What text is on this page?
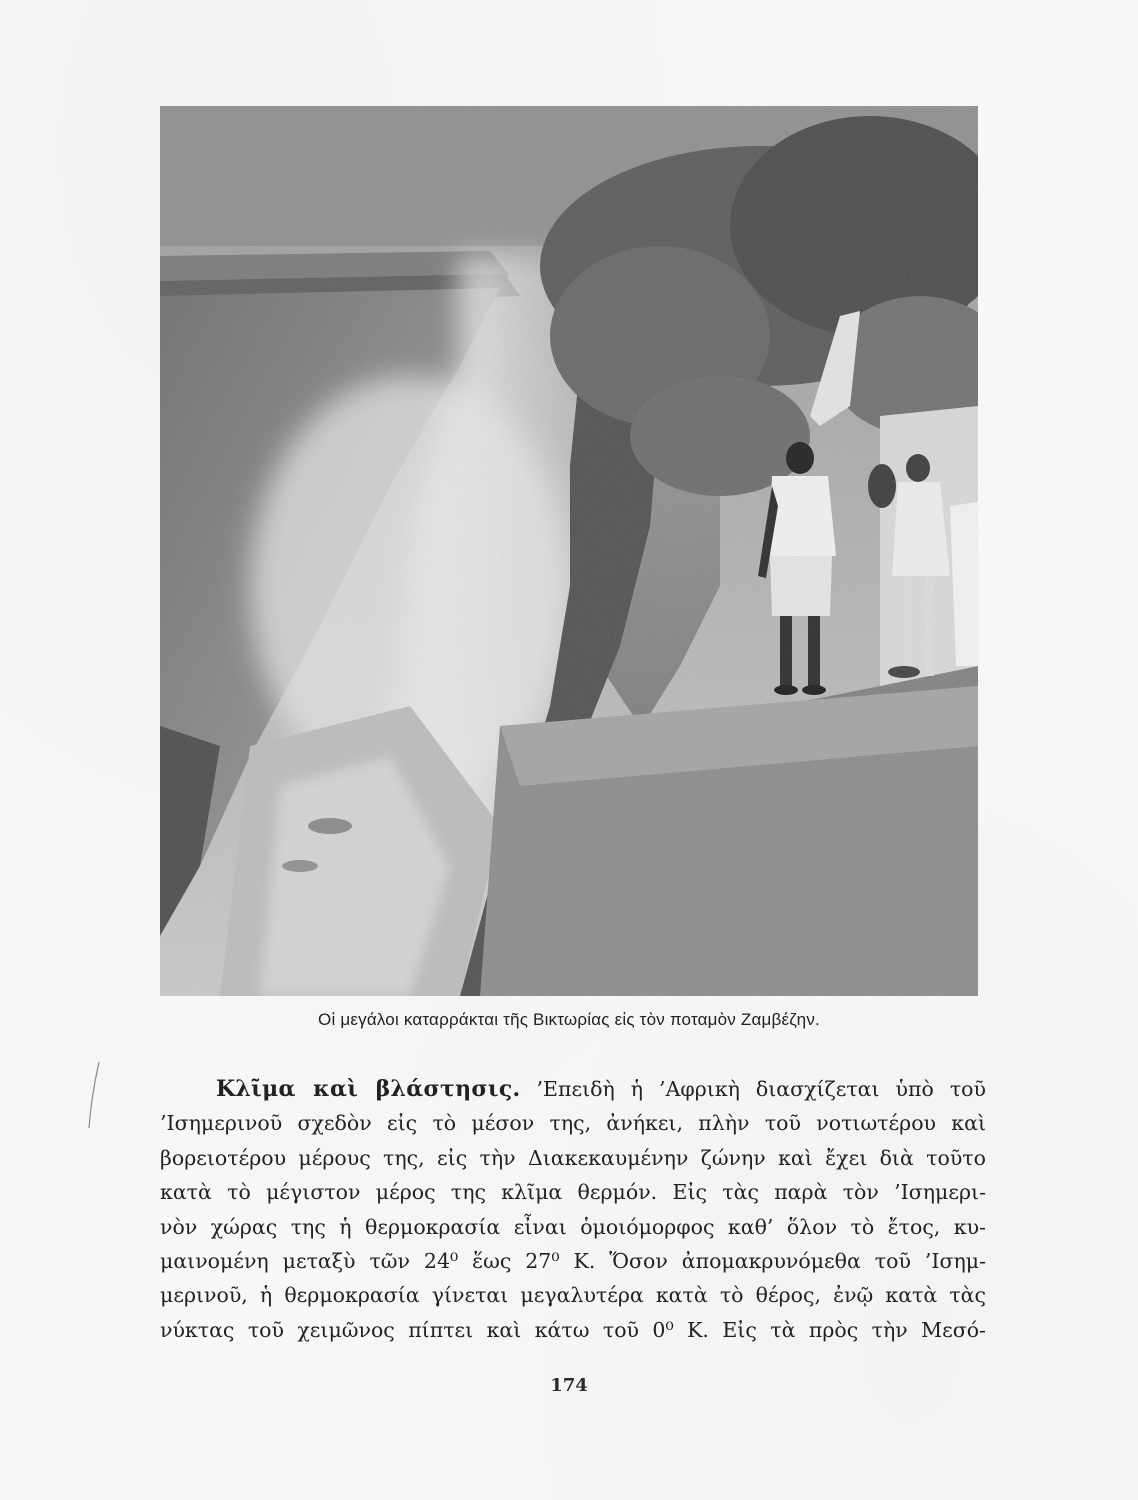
Οἱ μεγάλοι καταρράκται τῆς Βικτωρίας εἰς τὸν ποταμὸν Ζαμβέζην.
Κλῖμα καὶ βλάστησις. ’Επειδὴ ἡ ’Αφρικὴ διασχίζεται ὑπὸ τοῦ
’Ισημερινοῦ σχεδὸν εἰς τὸ μέσον της, ἀνήκει, πλὴν τοῦ νοτιωτέρου καὶ
βορειοτέρου μέρους της, εἰς τὴν Διακεκαυμένην ζώνην καὶ ἔχει διὰ τοῦτο
κατὰ τὸ μέγιστον μέρος της κλῖμα θερμόν. Εἰς τὰς παρὰ τὸν ’Ισημερι-
νὸν χώρας της ἡ θερμοκρασία εἶναι ὁμοιόμορφος καθ’ ὅλον τὸ ἔτος, κυ-
μαινομένη μεταξὺ τῶν 24⁰ ἕως 27⁰ Κ. Ὅσον ἀπομακρυνόμεθα τοῦ ’Ισημ-
μερινοῦ, ἡ θερμοκρασία γίνεται μεγαλυτέρα κατὰ τὸ θέρος, ἐνῷ κατὰ τὰς
νύκτας τοῦ χειμῶνος πίπτει καὶ κάτω τοῦ 0⁰ Κ. Εἰς τὰ πρὸς τὴν Μεσό-
174
